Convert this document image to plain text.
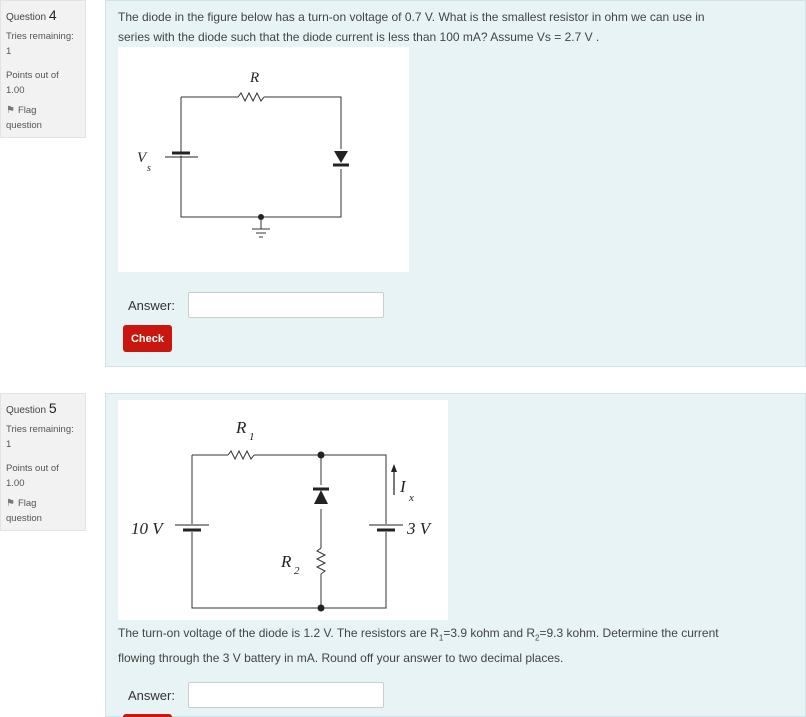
Question 4
Tries remaining:
1
Points out of
1.00
⚑ Flag
question
The diode in the figure below has a turn-on voltage of 0.7 V. What is the smallest resistor in ohm we can use in
series with the diode such that the diode current is less than 100 mA? Assume Vs = 2.7 V .
R
V
s
Answer:
Check
Question 5
Tries remaining:
1
Points out of
1.00
⚑ Flag
question
R 1
R 2
I
x
10 V	3 V
The turn-on voltage of the diode is 1.2 V. The resistors are $R_1=3.9$ kohm and $R_2=9.3$ kohm. Determine the current
flowing through the 3 V battery in mA. Round off your answer to two decimal places.
Answer:
